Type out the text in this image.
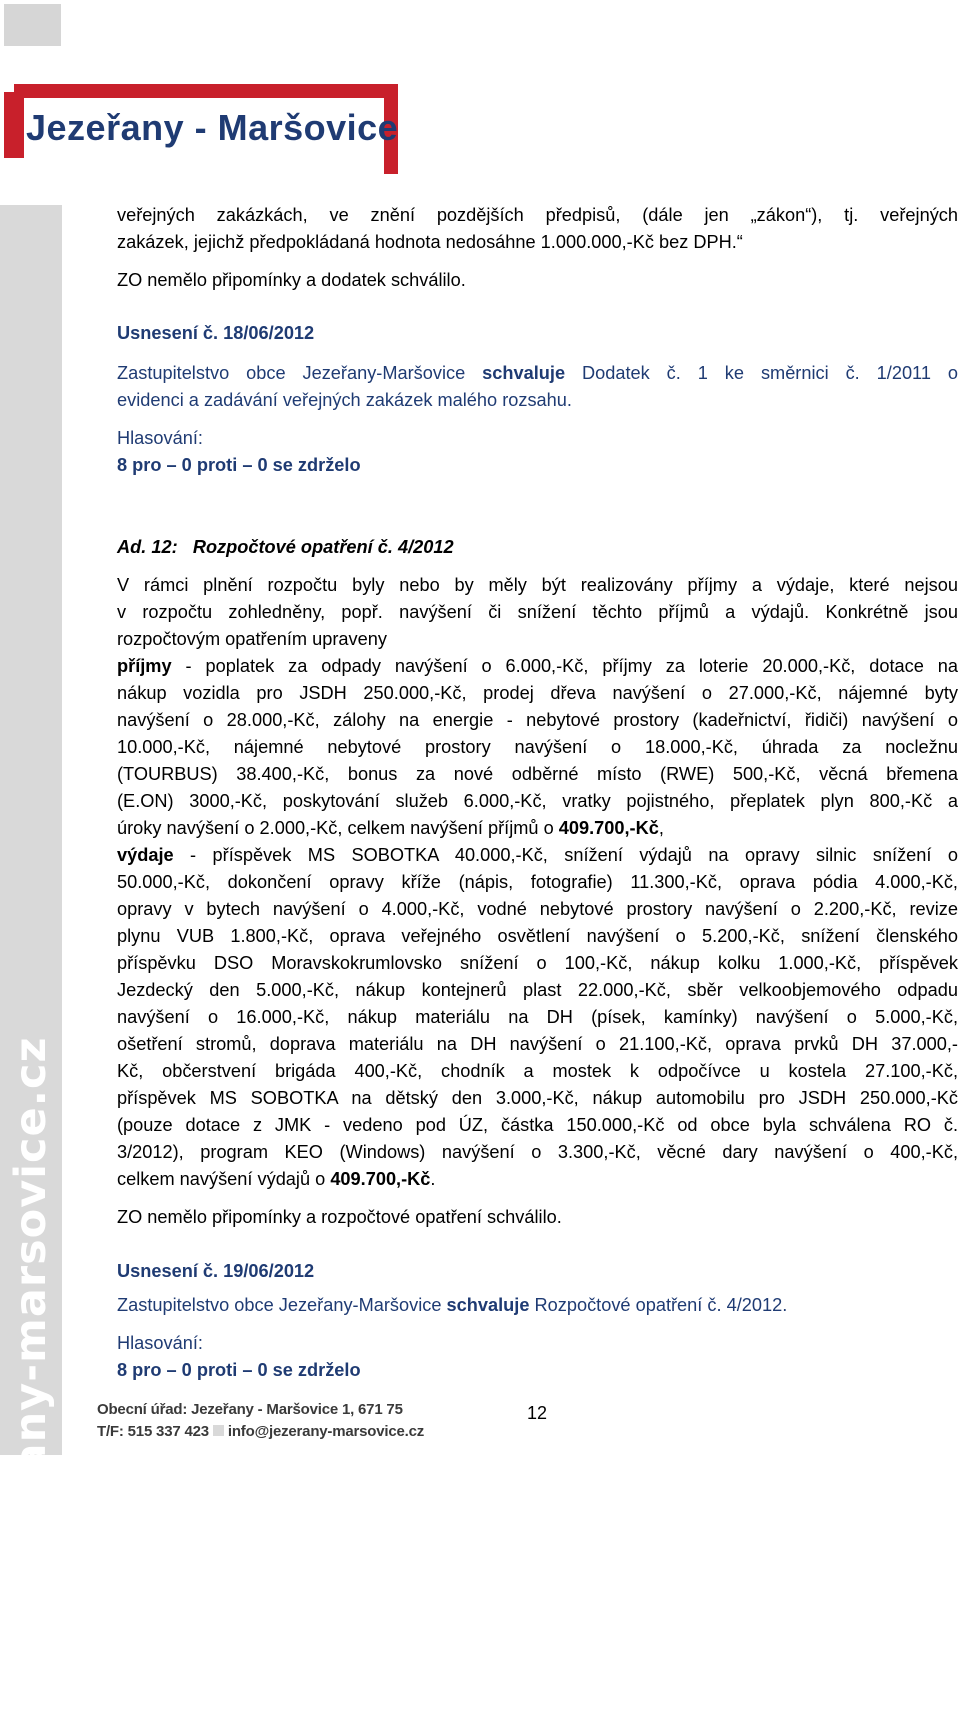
www.jezerany-marsovice.cz
Jezeřany - Maršovice
veřejných zakázkách, ve znění pozdějších předpisů, (dále jen „zákon“), tj. veřejných
zakázek, jejichž předpokládaná hodnota nedosáhne 1.000.000,-Kč bez DPH.“
ZO nemělo připomínky a dodatek schválilo.
Usnesení č. 18/06/2012
Zastupitelstvo obce Jezeřany-Maršovice schvaluje Dodatek č. 1 ke směrnici č. 1/2011 o
evidenci a zadávání veřejných zakázek malého rozsahu.
Hlasování:
8 pro – 0 proti – 0 se zdrželo
Ad. 12: Rozpočtové opatření č. 4/2012
V rámci plnění rozpočtu byly nebo by měly být realizovány příjmy a výdaje, které nejsou
v rozpočtu zohledněny, popř. navýšení či snížení těchto příjmů a výdajů. Konkrétně jsou
rozpočtovým opatřením upraveny
příjmy - poplatek za odpady navýšení o 6.000,-Kč, příjmy za loterie 20.000,-Kč, dotace na
nákup vozidla pro JSDH 250.000,-Kč, prodej dřeva navýšení o 27.000,-Kč, nájemné byty
navýšení o 28.000,-Kč, zálohy na energie - nebytové prostory (kadeřnictví, řidiči) navýšení o
10.000,-Kč, nájemné nebytové prostory navýšení o 18.000,-Kč, úhrada za nocležnu
(TOURBUS) 38.400,-Kč, bonus za nové odběrné místo (RWE) 500,-Kč, věcná břemena
(E.ON) 3000,-Kč, poskytování služeb 6.000,-Kč, vratky pojistného, přeplatek plyn 800,-Kč a
úroky navýšení o 2.000,-Kč, celkem navýšení příjmů o 409.700,-Kč,
výdaje - příspěvek MS SOBOTKA 40.000,-Kč, snížení výdajů na opravy silnic snížení o
50.000,-Kč, dokončení opravy kříže (nápis, fotografie) 11.300,-Kč, oprava pódia 4.000,-Kč,
opravy v bytech navýšení o 4.000,-Kč, vodné nebytové prostory navýšení o 2.200,-Kč, revize
plynu VUB 1.800,-Kč, oprava veřejného osvětlení navýšení o 5.200,-Kč, snížení členského
příspěvku DSO Moravskokrumlovsko snížení o 100,-Kč, nákup kolku 1.000,-Kč, příspěvek
Jezdecký den 5.000,-Kč, nákup kontejnerů plast 22.000,-Kč, sběr velkoobjemového odpadu
navýšení o 16.000,-Kč, nákup materiálu na DH (písek, kamínky) navýšení o 5.000,-Kč,
ošetření stromů, doprava materiálu na DH navýšení o 21.100,-Kč, oprava prvků DH 37.000,-
Kč, občerstvení brigáda 400,-Kč, chodník a mostek k odpočívce u kostela 27.100,-Kč,
příspěvek MS SOBOTKA na dětský den 3.000,-Kč, nákup automobilu pro JSDH 250.000,-Kč
(pouze dotace z JMK - vedeno pod ÚZ, částka 150.000,-Kč od obce byla schválena RO č.
3/2012), program KEO (Windows) navýšení o 3.300,-Kč, věcné dary navýšení o 400,-Kč,
celkem navýšení výdajů o 409.700,-Kč.
ZO nemělo připomínky a rozpočtové opatření schválilo.
Usnesení č. 19/06/2012
Zastupitelstvo obce Jezeřany-Maršovice schvaluje Rozpočtové opatření č. 4/2012.
Hlasování:
8 pro – 0 proti – 0 se zdrželo
Obecní úřad: Jezeřany - Maršovice 1, 671 75
T/F: 515 337 423 info@jezerany-marsovice.cz
12
